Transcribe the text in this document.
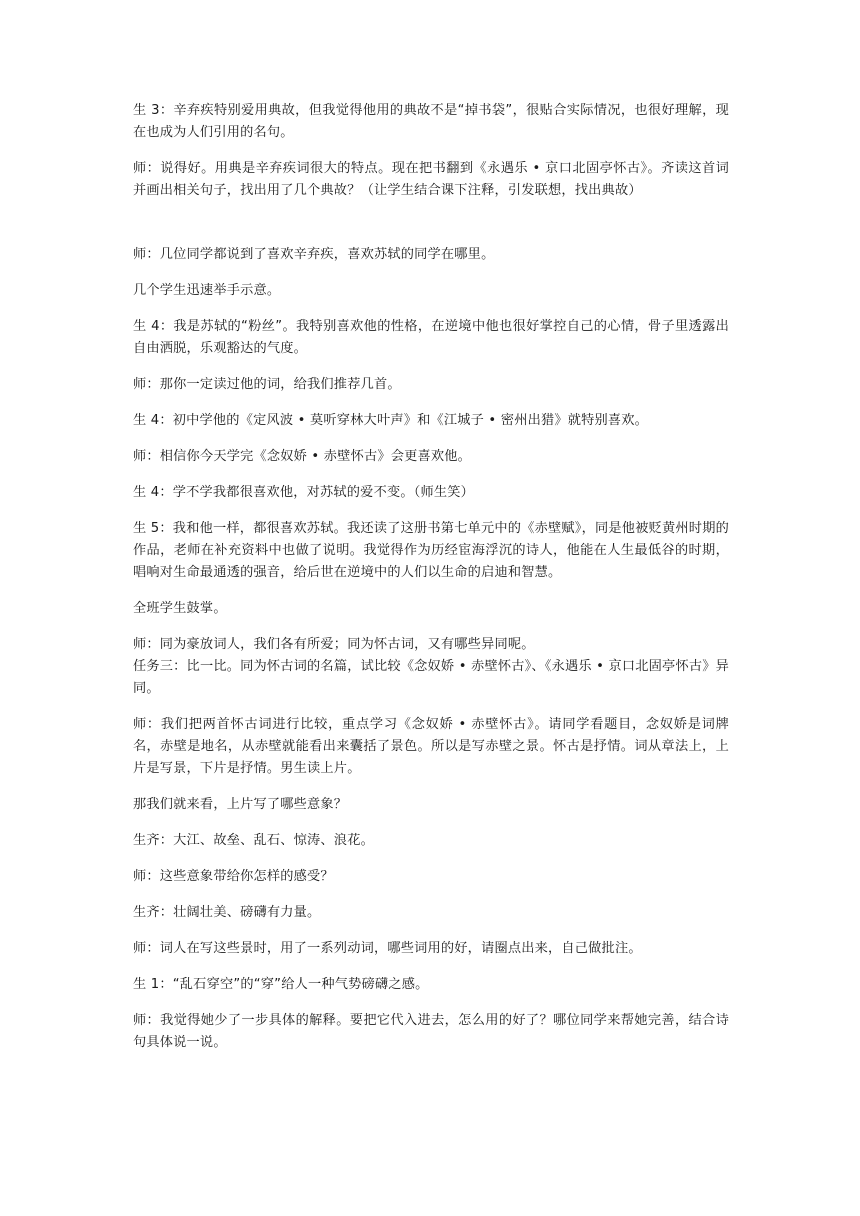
生 3：辛弃疾特别爱用典故，但我觉得他用的典故不是“掉书袋”，很贴合实际情况，也很好理解，现在也成为人们引用的名句。

师：说得好。用典是辛弃疾词很大的特点。现在把书翻到《永遇乐 • 京口北固亭怀古》。齐读这首词并画出相关句子，找出用了几个典故？（让学生结合课下注释，引发联想，找出典故）

师：几位同学都说到了喜欢辛弃疾，喜欢苏轼的同学在哪里。

几个学生迅速举手示意。

生 4：我是苏轼的“粉丝”。我特别喜欢他的性格，在逆境中他也很好掌控自己的心情，骨子里透露出自由洒脱，乐观豁达的气度。

师：那你一定读过他的词，给我们推荐几首。

生 4：初中学他的《定风波 • 莫听穿林大叶声》和《江城子 • 密州出猎》就特别喜欢。

师：相信你今天学完《念奴娇 • 赤壁怀古》会更喜欢他。

生 4：学不学我都很喜欢他，对苏轼的爱不变。（师生笑）

生 5：我和他一样，都很喜欢苏轼。我还读了这册书第七单元中的《赤壁赋》，同是他被贬黄州时期的作品，老师在补充资料中也做了说明。我觉得作为历经宦海浮沉的诗人，他能在人生最低谷的时期，唱响对生命最通透的强音，给后世在逆境中的人们以生命的启迪和智慧。

全班学生鼓掌。

师：同为豪放词人，我们各有所爱；同为怀古词，又有哪些异同呢。

任务三：比一比。同为怀古词的名篇，试比较《念奴娇 • 赤壁怀古》、《永遇乐 • 京口北固亭怀古》异同。

师：我们把两首怀古词进行比较，重点学习《念奴娇 • 赤壁怀古》。请同学看题目，念奴娇是词牌名，赤壁是地名，从赤壁就能看出来囊括了景色。所以是写赤壁之景。怀古是抒情。词从章法上，上片是写景，下片是抒情。男生读上片。

那我们就来看，上片写了哪些意象？

生齐：大江、故垒、乱石、惊涛、浪花。

师：这些意象带给你怎样的感受？

生齐：壮阔壮美、磅礴有力量。

师：词人在写这些景时，用了一系列动词，哪些词用的好，请圈点出来，自己做批注。

生 1：“乱石穿空”的“穿”给人一种气势磅礴之感。

师：我觉得她少了一步具体的解释。要把它代入进去，怎么用的好了？哪位同学来帮她完善，结合诗句具体说一说。
